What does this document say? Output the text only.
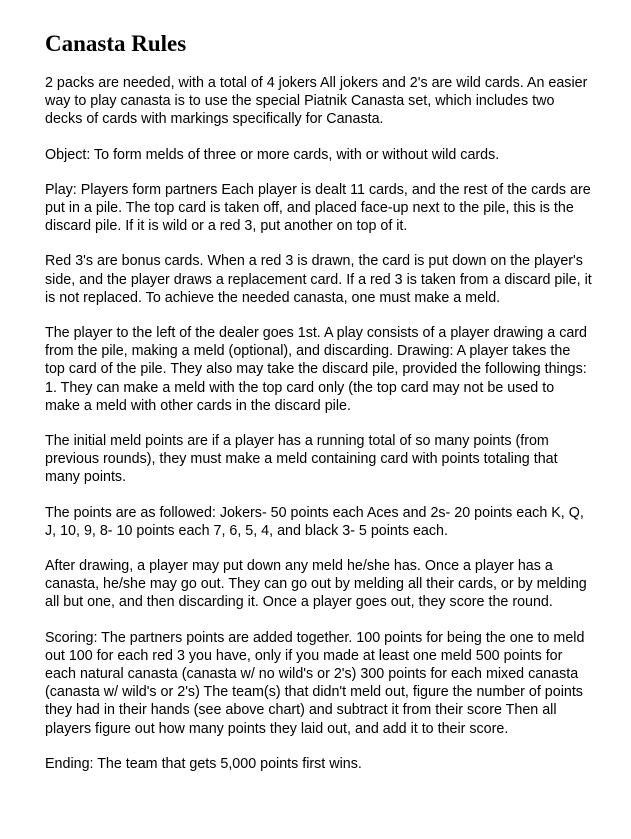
Canasta Rules

2 packs are needed, with a total of 4 jokers All jokers and 2's are wild cards. An easier way to play canasta is to use the special Piatnik Canasta set, which includes two decks of cards with markings specifically for Canasta.

Object: To form melds of three or more cards, with or without wild cards.

Play: Players form partners Each player is dealt 11 cards, and the rest of the cards are put in a pile. The top card is taken off, and placed face-up next to the pile, this is the discard pile. If it is wild or a red 3, put another on top of it.

Red 3's are bonus cards. When a red 3 is drawn, the card is put down on the player's side, and the player draws a replacement card. If a red 3 is taken from a discard pile, it is not replaced. To achieve the needed canasta, one must make a meld.

The player to the left of the dealer goes 1st. A play consists of a player drawing a card from the pile, making a meld (optional), and discarding. Drawing: A player takes the top card of the pile. They also may take the discard pile, provided the following things: 1. They can make a meld with the top card only (the top card may not be used to make a meld with other cards in the discard pile.

The initial meld points are if a player has a running total of so many points (from previous rounds), they must make a meld containing card with points totaling that many points.

The points are as followed: Jokers- 50 points each Aces and 2s- 20 points each K, Q, J, 10, 9, 8- 10 points each 7, 6, 5, 4, and black 3- 5 points each.

After drawing, a player may put down any meld he/she has. Once a player has a canasta, he/she may go out. They can go out by melding all their cards, or by melding all but one, and then discarding it. Once a player goes out, they score the round.

Scoring: The partners points are added together. 100 points for being the one to meld out 100 for each red 3 you have, only if you made at least one meld 500 points for each natural canasta (canasta w/ no wild's or 2's) 300 points for each mixed canasta (canasta w/ wild's or 2's) The team(s) that didn't meld out, figure the number of points they had in their hands (see above chart) and subtract it from their score Then all players figure out how many points they laid out, and add it to their score.

Ending: The team that gets 5,000 points first wins.
